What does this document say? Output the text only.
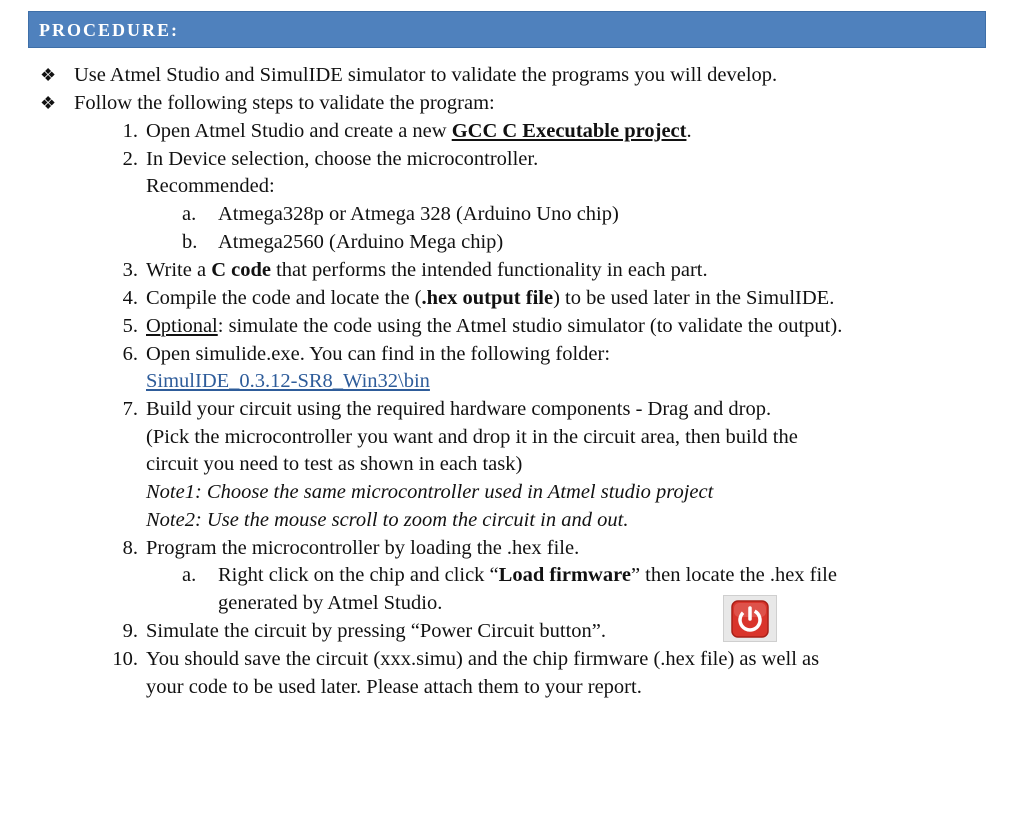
PROCEDURE:
❖ Use Atmel Studio and SimulIDE simulator to validate the programs you will develop.
❖ Follow the following steps to validate the program:
1. Open Atmel Studio and create a new GCC C Executable project.
2. In Device selection, choose the microcontroller.
Recommended:
a. Atmega328p or Atmega 328 (Arduino Uno chip)
b. Atmega2560 (Arduino Mega chip)
3. Write a C code that performs the intended functionality in each part.
4. Compile the code and locate the (.hex output file) to be used later in the SimulIDE.
5. Optional: simulate the code using the Atmel studio simulator (to validate the output).
6. Open simulide.exe. You can find in the following folder:
SimulIDE_0.3.12-SR8_Win32\bin
7. Build your circuit using the required hardware components - Drag and drop.
(Pick the microcontroller you want and drop it in the circuit area, then build the
circuit you need to test as shown in each task)
Note1: Choose the same microcontroller used in Atmel studio project
Note2: Use the mouse scroll to zoom the circuit in and out.
8. Program the microcontroller by loading the .hex file.
a. Right click on the chip and click “Load firmware” then locate the .hex file
generated by Atmel Studio.
9. Simulate the circuit by pressing “Power Circuit button”.
10. You should save the circuit (xxx.simu) and the chip firmware (.hex file) as well as
your code to be used later. Please attach them to your report.
